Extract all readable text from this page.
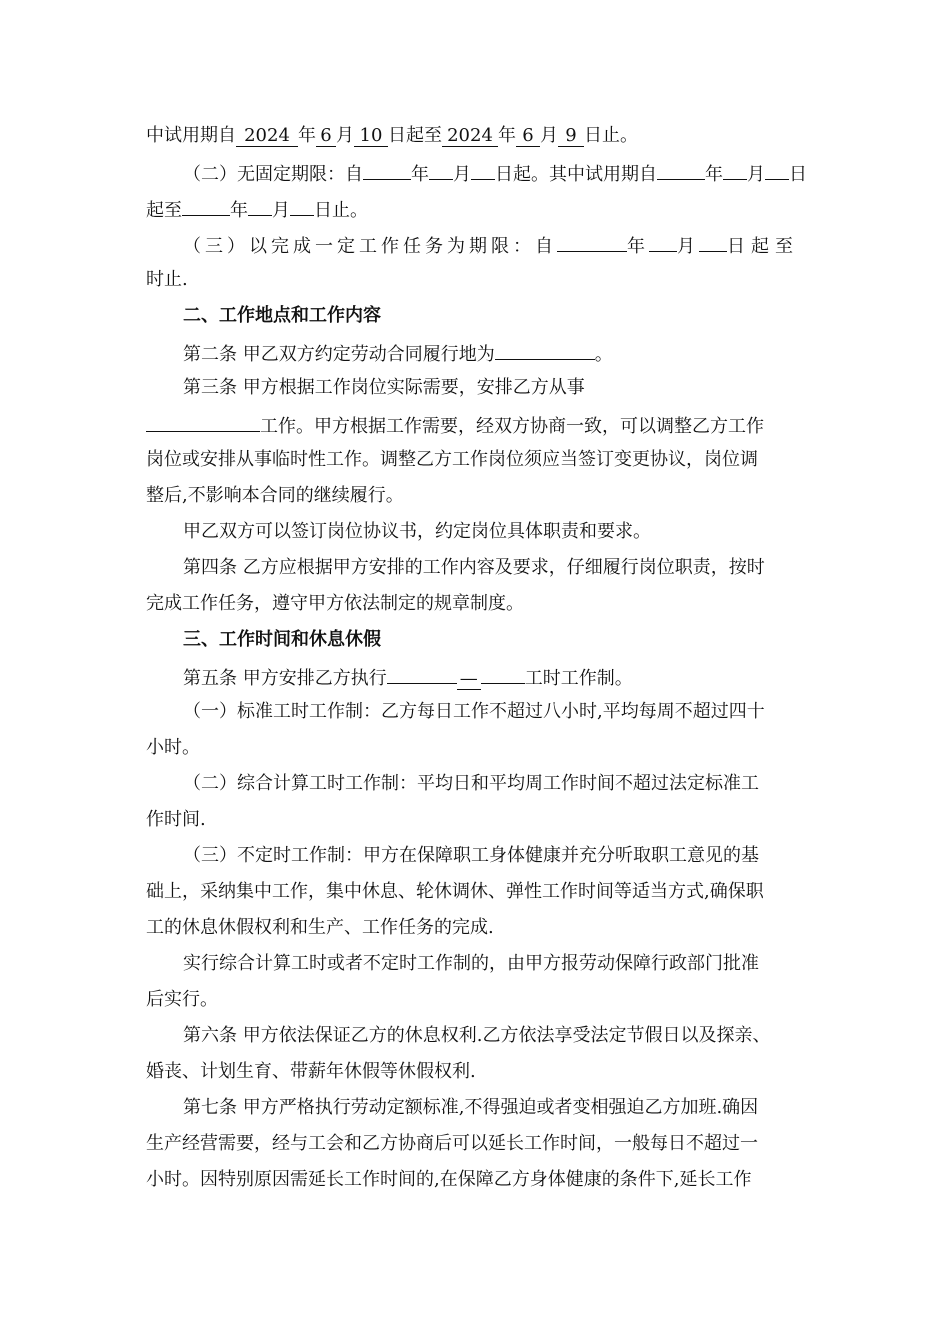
中试用期自 2024 年 6 月 10 日起至 2024 年 6 月 9 日止。
（二）无固定期限：自	年 月 日起。其中试用期自	年 月 日
起至	年 月 日止。
（三）以完成一定工作任务为期限：自	年 月 日起至
时止.
二、工作地点和工作内容
第二条 甲乙双方约定劳动合同履行地为	。
第三条 甲方根据工作岗位实际需要，安排乙方从事
工作。甲方根据工作需要，经双方协商一致，可以调整乙方工作
岗位或安排从事临时性工作。调整乙方工作岗位须应当签订变更协议，岗位调
整后,不影响本合同的继续履行。
甲乙双方可以签订岗位协议书，约定岗位具体职责和要求。
第四条 乙方应根据甲方安排的工作内容及要求，仔细履行岗位职责，按时
完成工作任务，遵守甲方依法制定的规章制度。
三、工作时间和休息休假
第五条 甲方安排乙方执行	—	工时工作制。
（一）标准工时工作制：乙方每日工作不超过八小时,平均每周不超过四十
小时。
（二）综合计算工时工作制：平均日和平均周工作时间不超过法定标准工
作时间.
（三）不定时工作制：甲方在保障职工身体健康并充分听取职工意见的基
础上，采纳集中工作，集中休息、轮休调休、弹性工作时间等适当方式,确保职
工的休息休假权利和生产、工作任务的完成.
实行综合计算工时或者不定时工作制的，由甲方报劳动保障行政部门批准
后实行。
第六条 甲方依法保证乙方的休息权利.乙方依法享受法定节假日以及探亲、
婚丧、计划生育、带薪年休假等休假权利.
第七条 甲方严格执行劳动定额标准,不得强迫或者变相强迫乙方加班.确因
生产经营需要，经与工会和乙方协商后可以延长工作时间，一般每日不超过一
小时。因特别原因需延长工作时间的,在保障乙方身体健康的条件下,延长工作
